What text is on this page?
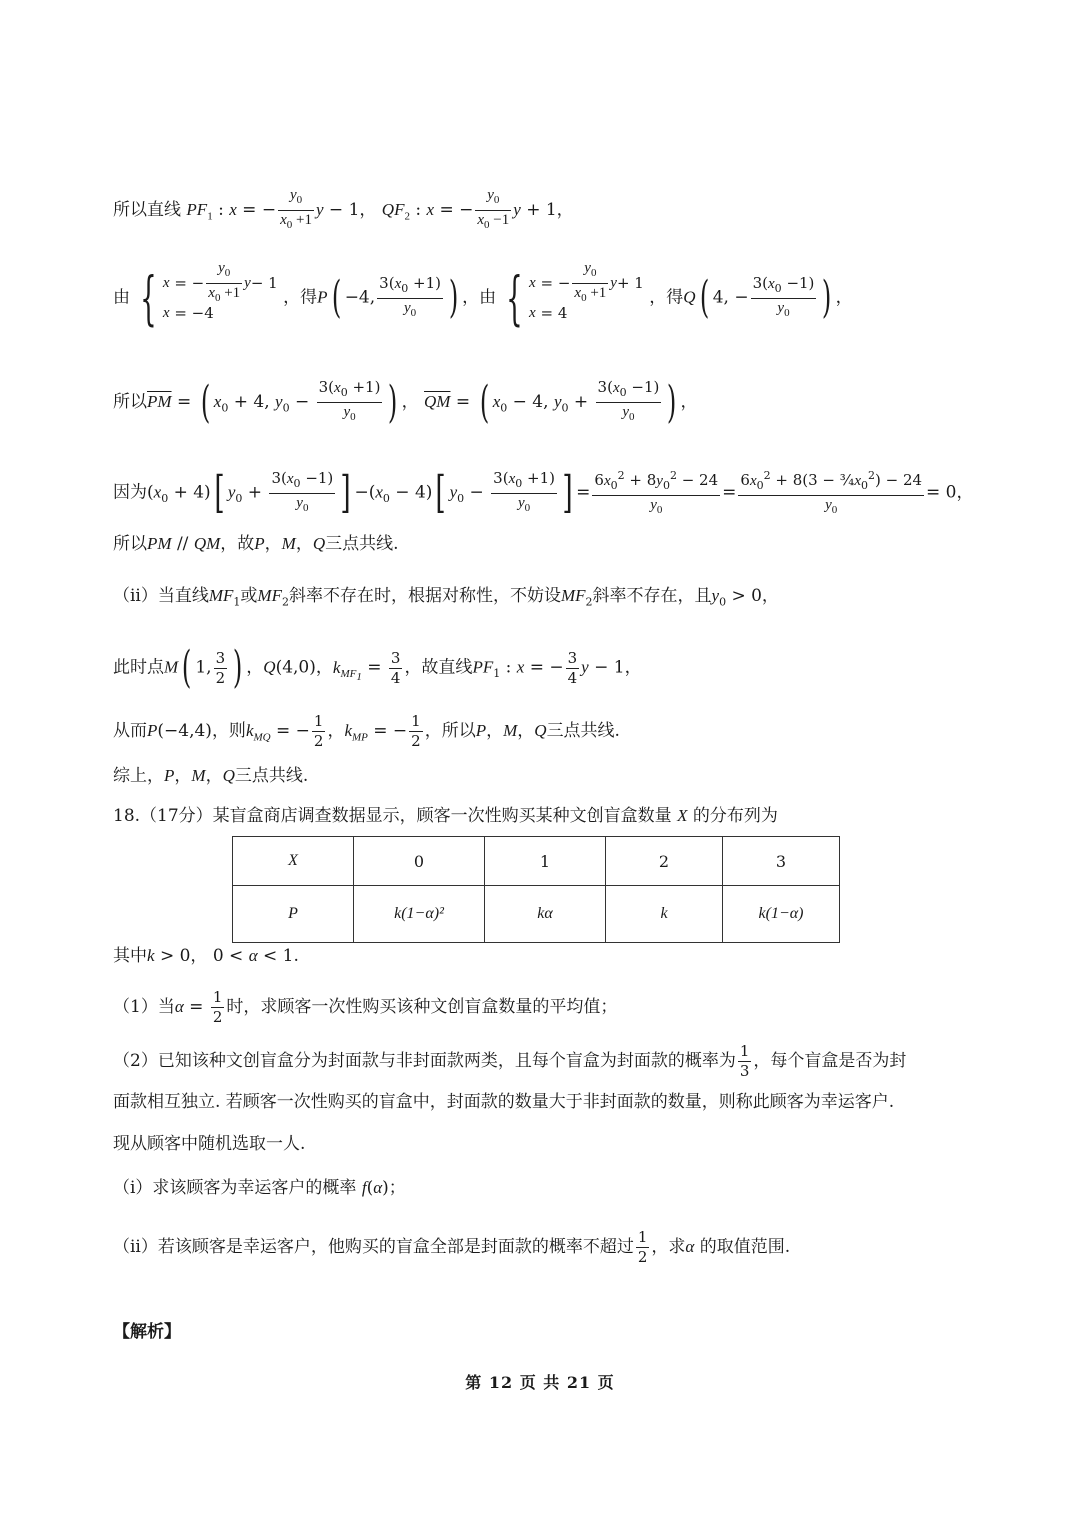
所以直线 $PF_1$ : x = − $\frac{y_0}{x_0 +1}$ y − 1， $QF_2$ : x = − $\frac{y_0}{x_0 -1}$ y + 1，
由 { x = − $\frac{y_0}{x_0 +1}$ y − 1
x = −4
，得P( −4, $\frac{3(x_0 +1)}{y_0}$ ) ，由 { x = − $\frac{y_0}{x_0 +1}$ y + 1
x = 4
，得Q( 4, − $\frac{3(x_0 -1)}{y_0}$ ) ，
所以$\overline{PM}$ = ( $x_0 + 4$, $y_0 - \frac{3(x_0 +1)}{y_0}$ ) ， $\overline{QM}$ = ( $x_0 - 4$, $y_0 + \frac{3(x_0 -1)}{y_0}$ ) ，
因为$(x_0 + 4)$[ $y_0 + \frac{3(x_0 -1)}{y_0}$ ] $-(x_0 - 4)$[ $y_0 - \frac{3(x_0 +1)}{y_0}$ ] = $\frac{6x_0^2 + 8y_0^2 - 24}{y_0} = \frac{6x_0^2 + 8(3 - \frac{3}{4}x_0^2) - 24}{y_0} = 0$，
所以PM // QM，故P，M，Q三点共线.
（ii）当直线$MF_1$或$MF_2$斜率不存在时，根据对称性，不妨设$MF_2$斜率不存在，且$y_0 > 0$，
此时点M( 1, $\frac{3}{2}$ ) ，Q(4,0)，$k_{MF_1} = \frac{3}{4}$ ，故直线$PF_1$ : x = − $\frac{3}{4}$ y − 1，
从而P(−4,4)，则$k_{MQ}$ = − $\frac{1}{2}$ ，$k_{MP}$ = − $\frac{1}{2}$ ，所以P，M，Q三点共线.
综上，P，M，Q三点共线.
18.（17分）某盲盒商店调查数据显示，顾客一次性购买某种文创盲盒数量 X 的分布列为
X	0	1	2	3
P	k(1−α)²	kα	k	k(1−α)
其中k > 0， 0 < α < 1.
（1）当$\alpha = \frac{1}{2}$ 时，求顾客一次性购买该种文创盲盒数量的平均值；
（2）已知该种文创盲盒分为封面款与非封面款两类，且每个盲盒为封面款的概率为 $\frac{1}{3}$ ，每个盲盒是否为封
面款相互独立. 若顾客一次性购买的盲盒中，封面款的数量大于非封面款的数量，则称此顾客为幸运客户.
现从顾客中随机选取一人.
（i）求该顾客为幸运客户的概率 f(α)；
（ii）若该顾客是幸运客户，他购买的盲盒全部是封面款的概率不超过 $\frac{1}{2}$ ，求α 的取值范围.
【解析】
第 12 页 共 21 页
